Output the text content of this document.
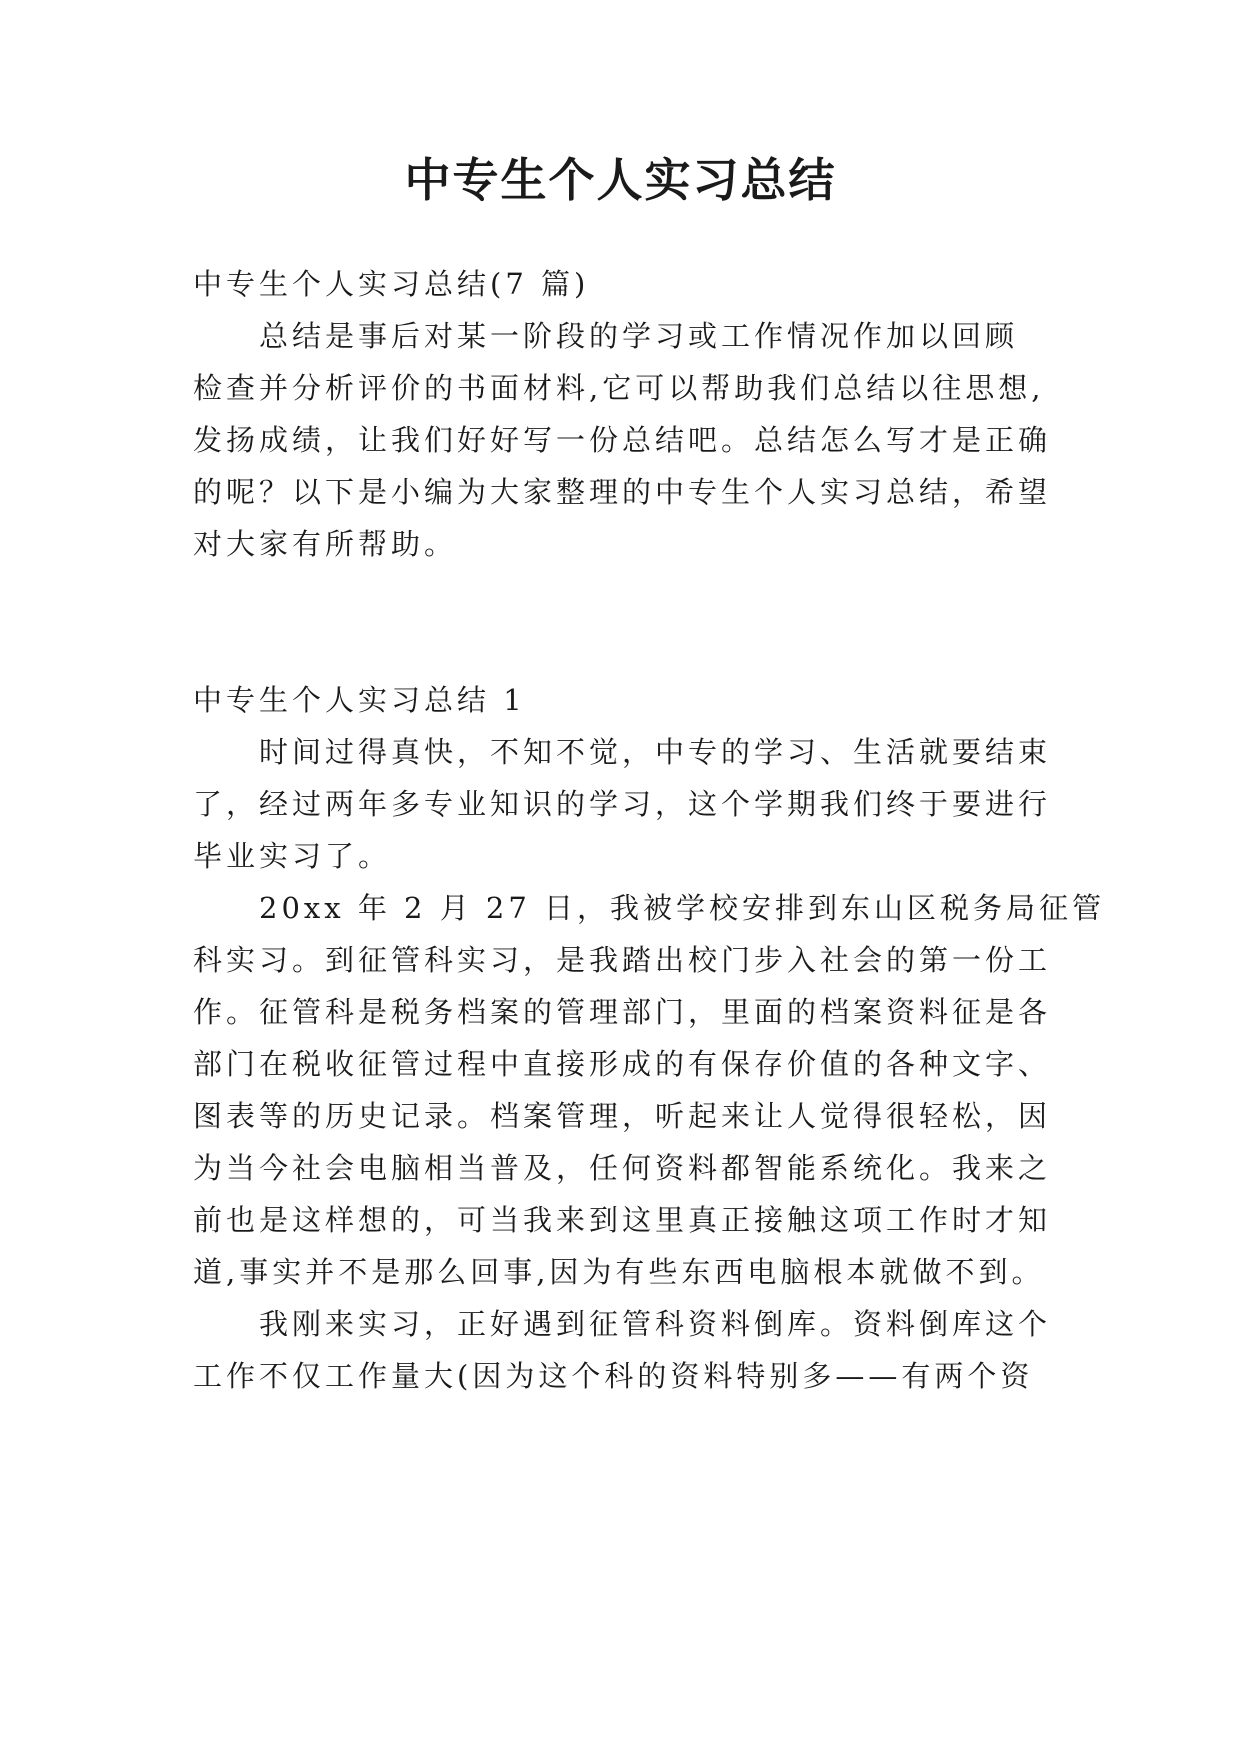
中专生个人实习总结
中专生个人实习总结(7 篇)
　　总结是事后对某一阶段的学习或工作情况作加以回顾
检查并分析评价的书面材料,它可以帮助我们总结以往思想,
发扬成绩，让我们好好写一份总结吧。总结怎么写才是正确
的呢？以下是小编为大家整理的中专生个人实习总结，希望
对大家有所帮助。
中专生个人实习总结 1
　　时间过得真快，不知不觉，中专的学习、生活就要结束
了，经过两年多专业知识的学习，这个学期我们终于要进行
毕业实习了。
　　20xx 年 2 月 27 日，我被学校安排到东山区税务局征管
科实习。到征管科实习，是我踏出校门步入社会的第一份工
作。征管科是税务档案的管理部门，里面的档案资料征是各
部门在税收征管过程中直接形成的有保存价值的各种文字、
图表等的历史记录。档案管理，听起来让人觉得很轻松，因
为当今社会电脑相当普及，任何资料都智能系统化。我来之
前也是这样想的，可当我来到这里真正接触这项工作时才知
道,事实并不是那么回事,因为有些东西电脑根本就做不到。
　　我刚来实习，正好遇到征管科资料倒库。资料倒库这个
工作不仅工作量大(因为这个科的资料特别多——有两个资
